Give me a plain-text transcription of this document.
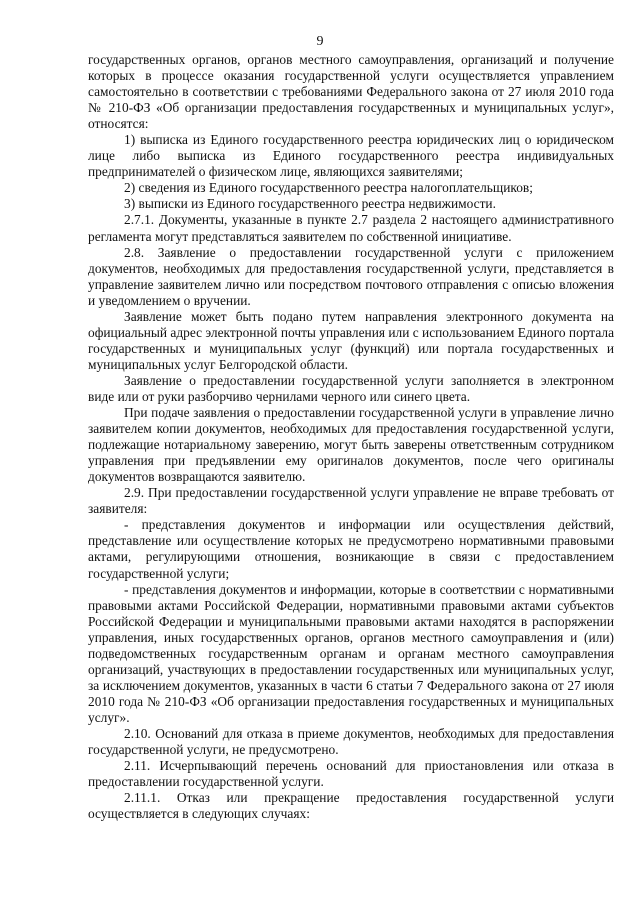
9

государственных органов, органов местного самоуправления, организаций и получение которых в процессе оказания государственной услуги осуществляется управлением самостоятельно в соответствии с требованиями Федерального закона от 27 июля 2010 года № 210-ФЗ «Об организации предоставления государственных и муниципальных услуг», относятся:

1) выписка из Единого государственного реестра юридических лиц о юридическом лице либо выписка из Единого государственного реестра индивидуальных предпринимателей о физическом лице, являющихся заявителями;

2) сведения из Единого государственного реестра налогоплательщиков;

3) выписки из Единого государственного реестра недвижимости.

2.7.1. Документы, указанные в пункте 2.7 раздела 2 настоящего административного регламента могут представляться заявителем по собственной инициативе.

2.8. Заявление о предоставлении государственной услуги с приложением документов, необходимых для предоставления государственной услуги, представляется в управление заявителем лично или посредством почтового отправления с описью вложения и уведомлением о вручении.

Заявление может быть подано путем направления электронного документа на официальный адрес электронной почты управления или с использованием Единого портала государственных и муниципальных услуг (функций) или портала государственных и муниципальных услуг Белгородской области.

Заявление о предоставлении государственной услуги заполняется в электронном виде или от руки разборчиво чернилами черного или синего цвета.

При подаче заявления о предоставлении государственной услуги в управление лично заявителем копии документов, необходимых для предоставления государственной услуги, подлежащие нотариальному заверению, могут быть заверены ответственным сотрудником управления при предъявлении ему оригиналов документов, после чего оригиналы документов возвращаются заявителю.

2.9. При предоставлении государственной услуги управление не вправе требовать от заявителя:

- представления документов и информации или осуществления действий, представление или осуществление которых не предусмотрено нормативными правовыми актами, регулирующими отношения, возникающие в связи с предоставлением государственной услуги;

- представления документов и информации, которые в соответствии с нормативными правовыми актами Российской Федерации, нормативными правовыми актами субъектов Российской Федерации и муниципальными правовыми актами находятся в распоряжении управления, иных государственных органов, органов местного самоуправления и (или) подведомственных государственным органам и органам местного самоуправления организаций, участвующих в предоставлении государственных или муниципальных услуг, за исключением документов, указанных в части 6 статьи 7 Федерального закона от 27 июля 2010 года № 210-ФЗ «Об организации предоставления государственных и муниципальных услуг».

2.10. Оснований для отказа в приеме документов, необходимых для предоставления государственной услуги, не предусмотрено.

2.11. Исчерпывающий перечень оснований для приостановления или отказа в предоставлении государственной услуги.

2.11.1. Отказ или прекращение предоставления государственной услуги осуществляется в следующих случаях:
